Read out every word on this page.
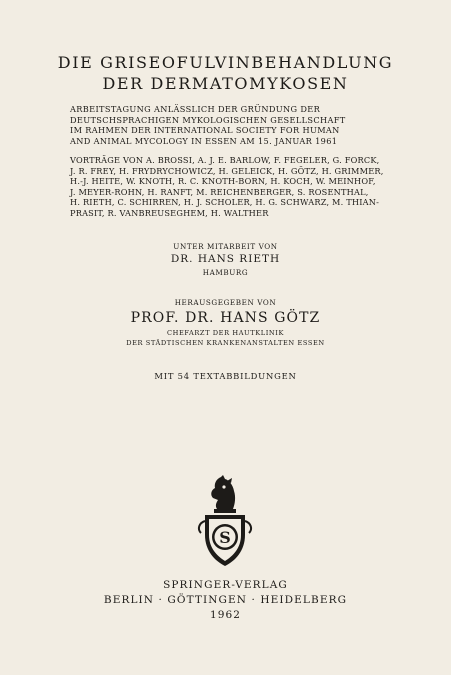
DIE GRISEOFULVINBEHANDLUNG
DER DERMATOMYKOSEN
ARBEITSTAGUNG ANLÄSSLICH DER GRÜNDUNG DER
DEUTSCHSPRACHIGEN MYKOLOGISCHEN GESELLSCHAFT
IM RAHMEN DER INTERNATIONAL SOCIETY FOR HUMAN
AND ANIMAL MYCOLOGY IN ESSEN AM 15. JANUAR 1961
VORTRÄGE VON A. BROSSI, A. J. E. BARLOW, F. FEGELER, G. FORCK,
J. R. FREY, H. FRYDRYCHOWICZ, H. GELEICK, H. GÖTZ, H. GRIMMER,
H.-J. HEITE, W. KNOTH, R. C. KNOTH-BORN, H. KOCH, W. MEINHOF,
J. MEYER-ROHN, H. RANFT, M. REICHENBERGER, S. ROSENTHAL,
H. RIETH, C. SCHIRREN, H. J. SCHOLER, H. G. SCHWARZ, M. THIAN-
PRASIT, R. VANBREUSEGHEM, H. WALTHER
UNTER MITARBEIT VON
DR. HANS RIETH
HAMBURG
HERAUSGEGEBEN VON
PROF. DR. HANS GÖTZ
CHEFARZT DER HAUTKLINIK
DER STÄDTISCHEN KRANKENANSTALTEN ESSEN
MIT 54 TEXTABBILDUNGEN
S
SPRINGER-VERLAG
BERLIN · GÖTTINGEN · HEIDELBERG
1962
